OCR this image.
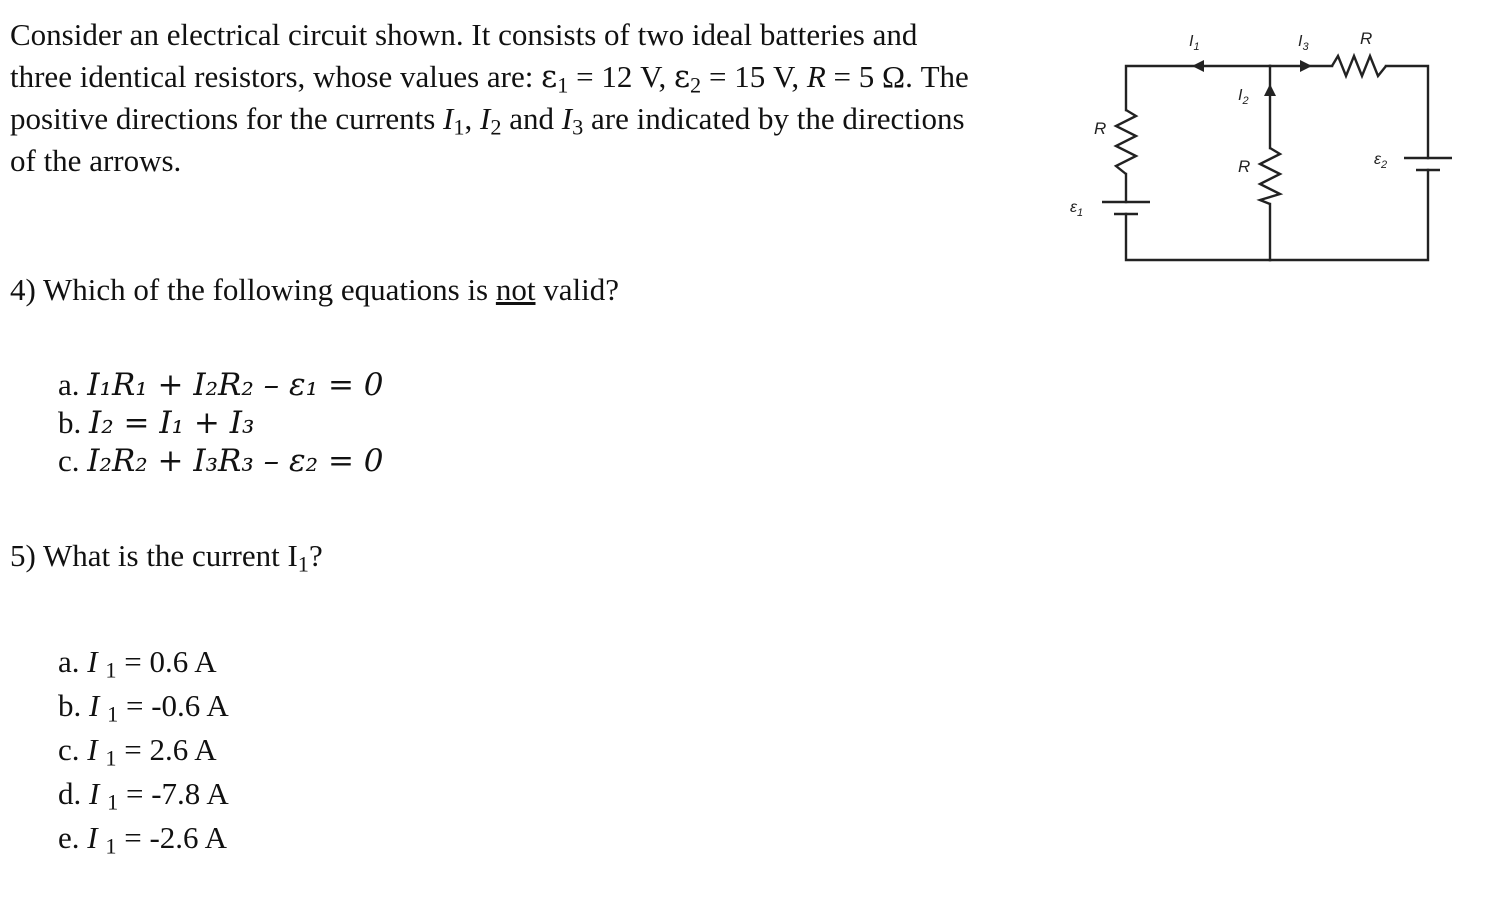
Consider an electrical circuit shown. It consists of two ideal batteries and
three identical resistors, whose values are: $\varepsilon_1 = 12$ V, $\varepsilon_2 = 15$ V, R = 5 Ω. The
positive directions for the currents $I_1$, $I_2$ and $I_3$ are indicated by the directions
of the arrows.
4) Which of the following equations is not valid?
a. I₁R₁ + I₂R₂ – ε₁ = 0
b. I₂ = I₁ + I₃
c. I₂R₂ + I₃R₃ – ε₂ = 0
5) What is the current $I_1$?
a. I $_1$ = 0.6 A
b. I $_1$ = -0.6 A
c. I $_1$ = 2.6 A
d. I $_1$ = -7.8 A
e. I $_1$ = -2.6 A
$I_1$	$I_3$	R
$I_2$
R
R	$\varepsilon_2$
$\varepsilon_1$
